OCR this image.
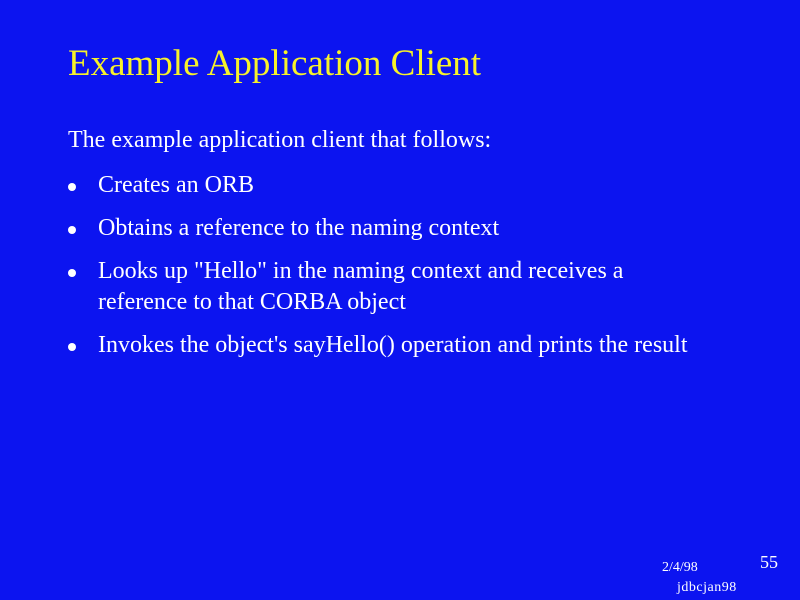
Example Application Client
The example application client that follows:
Creates an ORB
Obtains a reference to the naming context
Looks up "Hello" in the naming context and receives a reference to that CORBA object
Invokes the object's sayHello() operation and prints the result
2/4/98
jdbcjan98
55
